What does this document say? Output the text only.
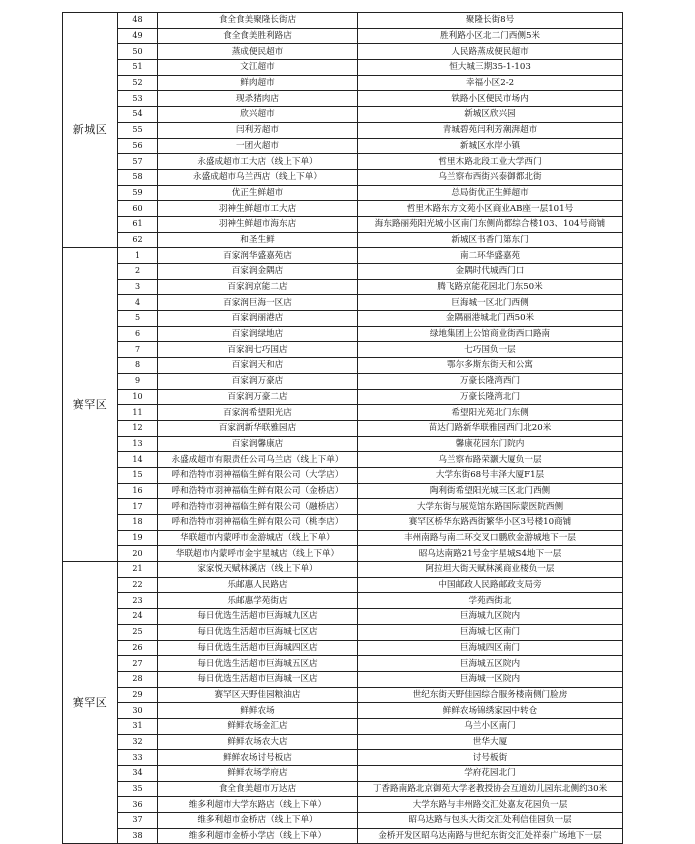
新城区	48	食全食美聚隆长街店	聚隆长街8号
	49	食全食美胜利路店	胜利路小区北二门西侧5米
	50	蒸成便民超市	人民路蒸成便民超市
	51	文江超市	恒大城三期35-1-103
	52	鲜肉超市	幸福小区2-2
	53	现杀猪肉店	铁路小区便民市场内
	54	欣兴超市	新城区欣兴园
	55	闫利芳超市	青城碧苑闫利芳潮湃超市
	56	一团火超市	新城区水岸小镇
	57	永盛成超市工大店（线上下单）	哲里木路北段工业大学西门
	58	永盛成超市乌兰西店（线上下单）	乌兰察布西街兴泰御都北街
	59	优正生鲜超市	总局街优正生鲜超市
	60	羽神生鲜超市工大店	哲里木路东方文苑小区商业AB座一层101号
	61	羽神生鲜超市海东店	海东路丽苑阳光城小区南门东侧尚都综合楼103、104号商铺
	62	和圣生鲜	新城区书香门第东门
赛罕区	1	百家润华盛嘉苑店	南二环华盛嘉苑
	2	百家润金隅店	金隅时代城西门口
	3	百家润京能二店	腾飞路京能花园北门东50米
	4	百家润巨海一区店	巨海城一区北门西侧
	5	百家润丽港店	金隅丽港城北门西50米
	6	百家润绿地店	绿地集团上公馆商业街西口路南
	7	百家润七巧国店	七巧国负一层
	8	百家润天和店	鄂尔多斯东街天和公寓
	9	百家润万豪店	万豪长隆湾西门
	10	百家润万豪二店	万豪长隆湾北门
	11	百家润希望阳光店	希望阳光苑北门东侧
	12	百家润新华联雅园店	苗达门路新华联雅园西门北20米
	13	百家润馨康店	馨康花园东门院内
	14	永盛成超市有限责任公司乌兰店（线上下单）	乌兰察布路荣灏大厦负一层
	15	呼和浩特市羽神福临生鲜有限公司（大学店）	大学东街68号丰泽大厦F1层
	16	呼和浩特市羽神福临生鲜有限公司（金桥店）	陶利街希望阳光城三区北门西侧
	17	呼和浩特市羽神福临生鲜有限公司（融桥店）	大学东街与展览馆东路国际蒙医院西侧
	18	呼和浩特市羽神福临生鲜有限公司（桃李店）	赛罕区桥华东路西街繁华小区3号楼10商铺
	19	华联超市内蒙呼市金游城店（线上下单）	丰州南路与南二环交叉口鹏欣金游城地下一层
	20	华联超市内蒙呼市金宇星城店（线上下单）	昭乌达南路21号金宇星城S4地下一层
赛罕区	21	家家悦天赋林溪店（线上下单）	阿拉坦大街天赋林溪商业楼负一层
	22	乐邮惠人民路店	中国邮政人民路邮政支局旁
	23	乐邮惠学苑街店	学苑西街北
	24	每日优选生活超市巨海城九区店	巨海城九区院内
	25	每日优选生活超市巨海城七区店	巨海城七区南门
	26	每日优选生活超市巨海城四区店	巨海城四区南门
	27	每日优选生活超市巨海城五区店	巨海城五区院内
	28	每日优选生活超市巨海城一区店	巨海城一区院内
	29	赛罕区天野佳园粮油店	世纪东街天野佳园综合服务楼南侧门脸房
	30	鲜鲜农场	鲜鲜农场锦绣家园中转仓
	31	鲜鲜农场金汇店	乌兰小区南门
	32	鲜鲜农场农大店	世华大厦
	33	鲜鲜农场讨号板店	讨号板街
	34	鲜鲜农场学府店	学府花园北门
	35	食全食美超市万达店	丁香路南路北京御苑大学老教授协会互道幼儿园东北侧约30米
	36	维多利超市大学东路店（线上下单）	大学东路与丰州路交汇处嘉友花园负一层
	37	维多利超市金桥店（线上下单）	昭乌达路与包头大街交汇处利信佳园负一层
	38	维多利超市金桥小学店（线上下单）	金桥开发区昭乌达南路与世纪东街交汇处祥泰广场地下一层
